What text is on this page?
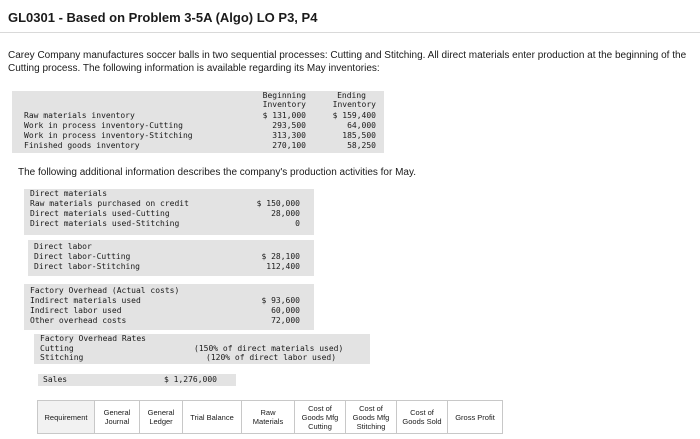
GL0301 - Based on Problem 3-5A (Algo) LO P3, P4
Carey Company manufactures soccer balls in two sequential processes: Cutting and Stitching. All direct materials enter production at the beginning of the Cutting process. The following information is available regarding its May inventories:
Beginning
Inventory
Ending
Inventory
Raw materials inventory	$ 131,000	$ 159,400
Work in process inventory-Cutting	293,500	64,000
Work in process inventory-Stitching	313,300	185,500
Finished goods inventory	270,100	58,250
The following additional information describes the company's production activities for May.
Direct materials
Raw materials purchased on credit	$ 150,000
Direct materials used-Cutting	28,000
Direct materials used-Stitching	0
Direct labor
Direct labor-Cutting	$ 28,100
Direct labor-Stitching	112,400
Factory Overhead (Actual costs)
Indirect materials used	$ 93,600
Indirect labor used	60,000
Other overhead costs	72,000
Factory Overhead Rates
Cutting	(150% of direct materials used)
Stitching	(120% of direct labor used)
Sales	$ 1,276,000
Requirement General
Journal
General
Ledger Trial Balance	Raw
Materials
Cost of
Goods Mfg
Cutting
Cost of
Goods Mfg
Stitching
Cost of
Goods Sold Gross Profit
